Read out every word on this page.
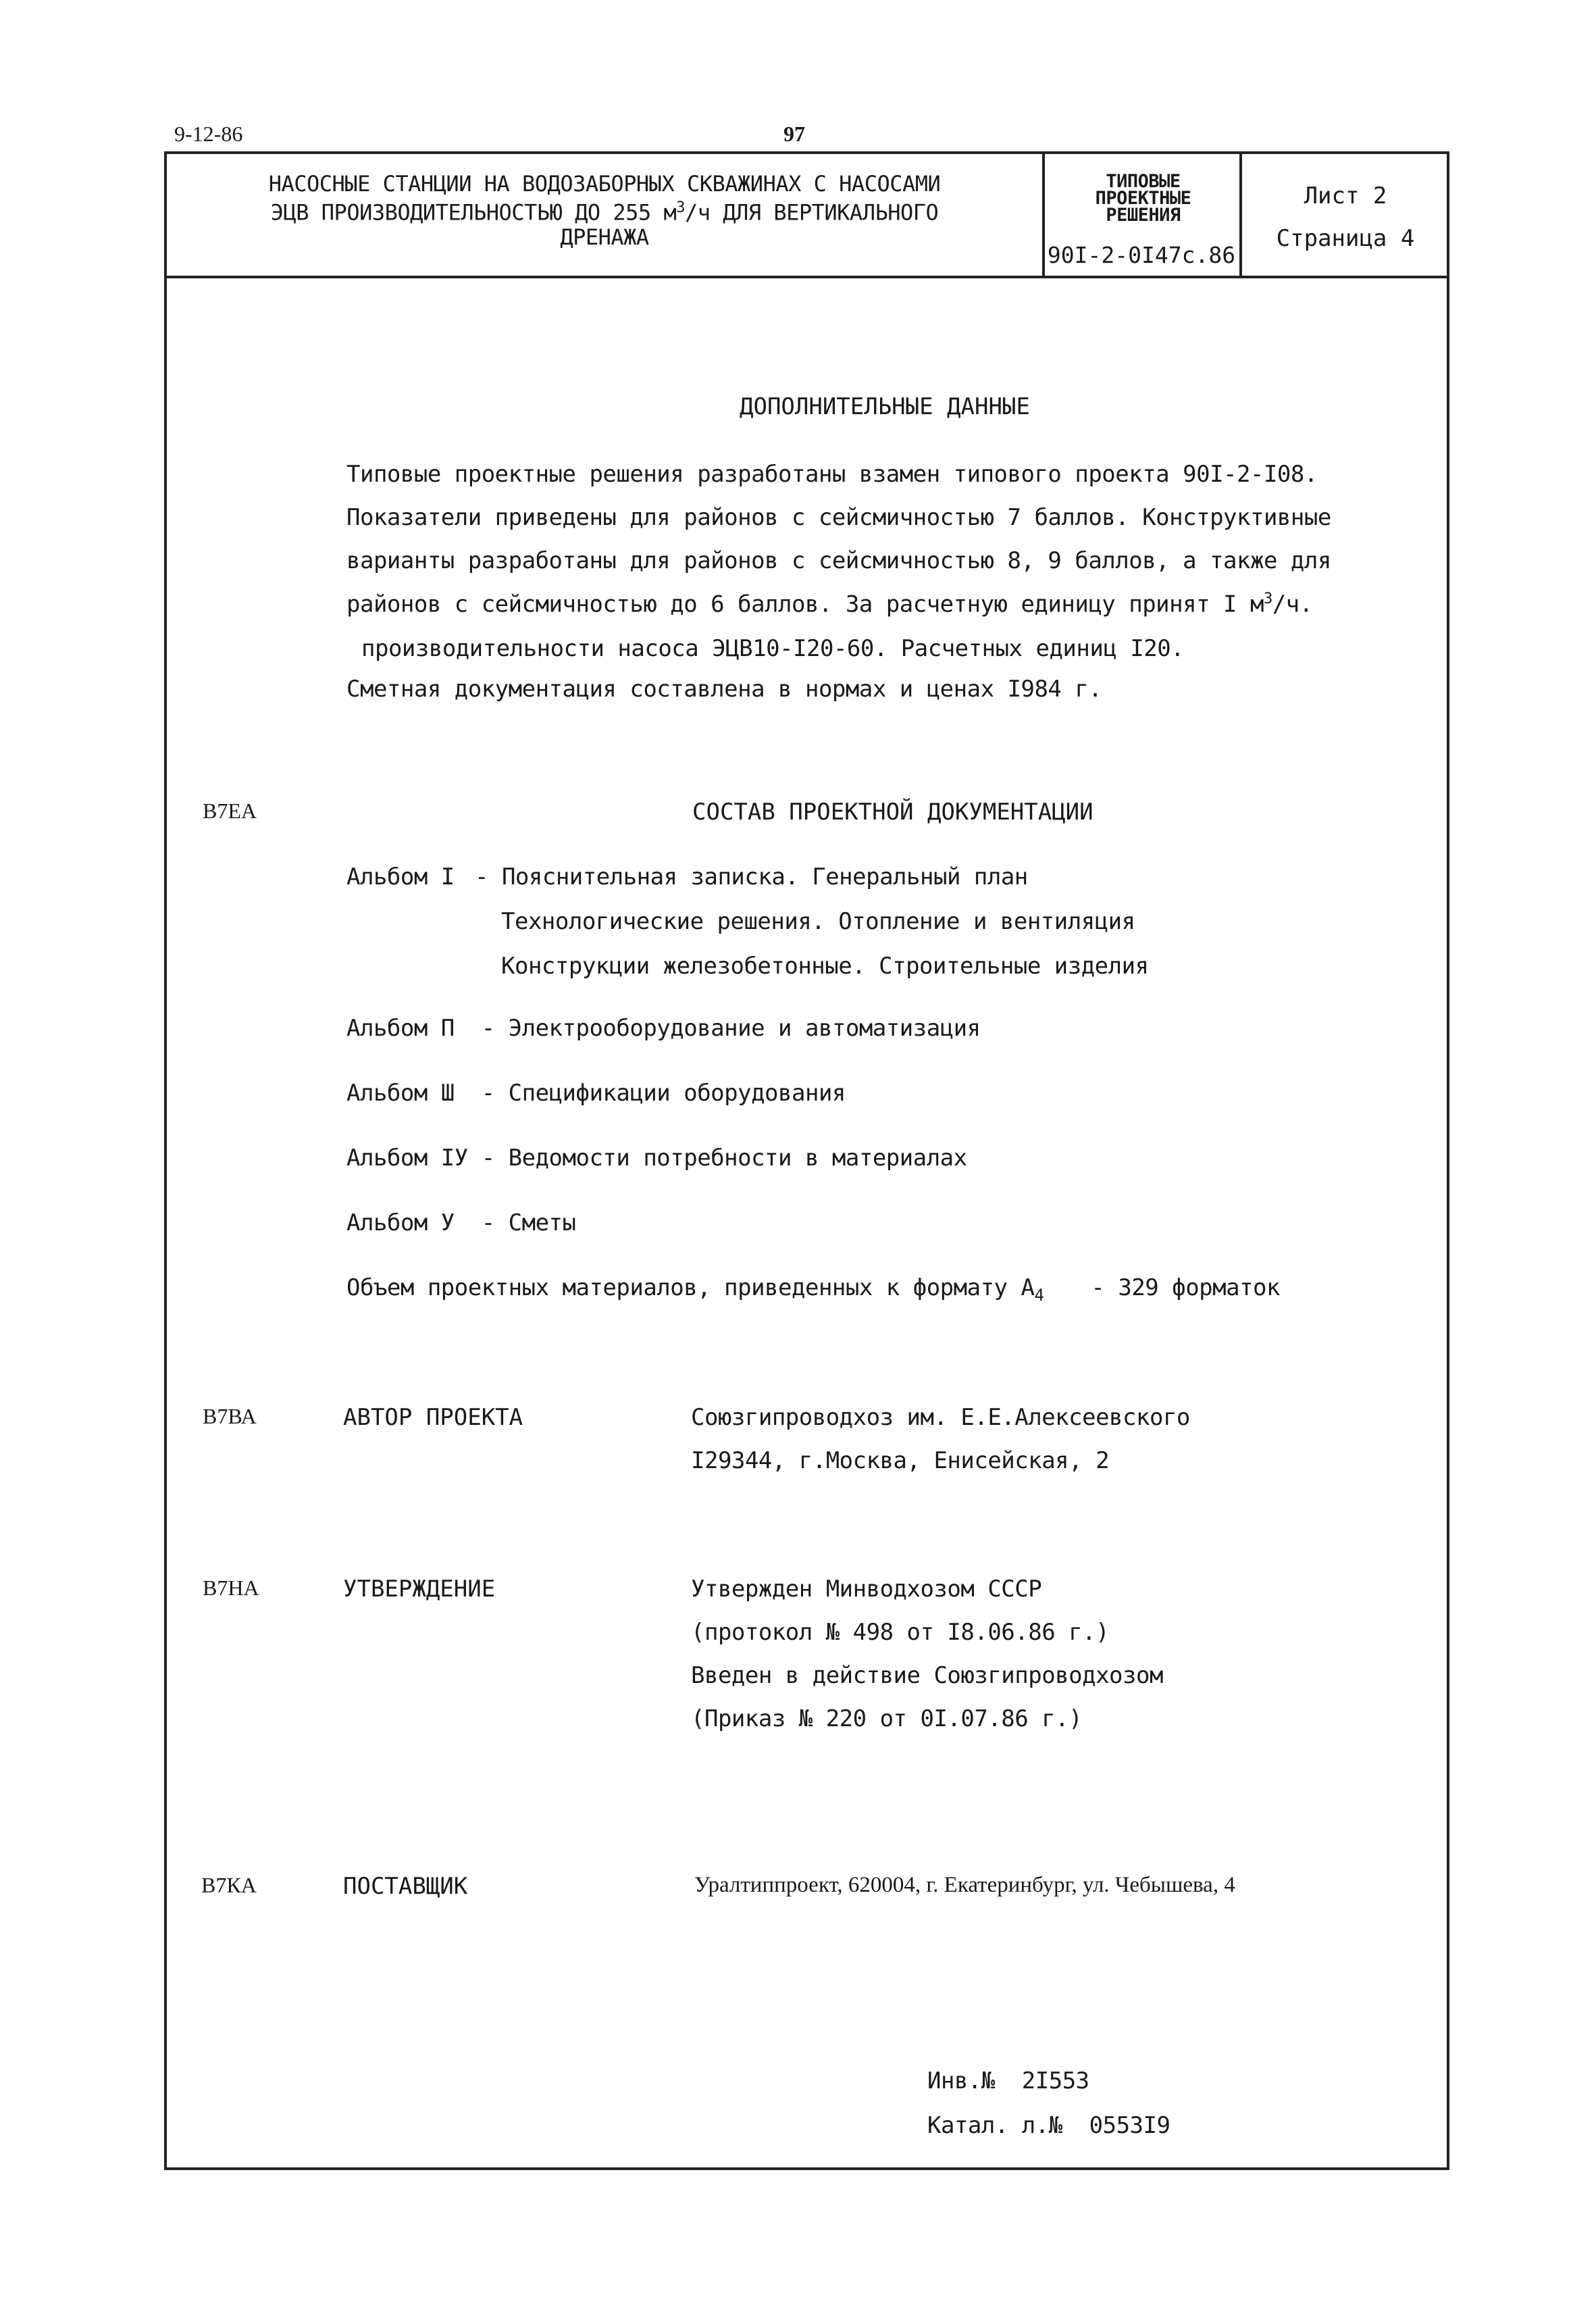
9-12-86	97
НАСОСНЫЕ СТАНЦИИ НА ВОДОЗАБОРНЫХ СКВАЖИНАХ С НАСОСАМИ
ЭЦВ ПРОИЗВОДИТЕЛЬНОСТЬЮ ДО 255 $м^3/ч$ ДЛЯ ВЕРТИКАЛЬНОГО
ДРЕНАЖА
ТИПОВЫЕ
ПРОЕКТНЫЕ
РЕШЕНИЯ
90I-2-0I47с.86
Лист 2
Страница 4
ДОПОЛНИТЕЛЬНЫЕ ДАННЫЕ
Типовые проектные решения разработаны взамен типового проекта 90I-2-I08.
Показатели приведены для районов с сейсмичностью 7 баллов. Конструктивные
варианты разработаны для районов с сейсмичностью 8, 9 баллов, а также для
районов с сейсмичностью до 6 баллов. За расчетную единицу принят I $м^3/ч$.
производительности насоса ЭЦВ10-I20-60. Расчетных единиц I20.
Сметная документация составлена в нормах и ценах I984 г.
В7ЕА	СОСТАВ ПРОЕКТНОЙ ДОКУМЕНТАЦИИ
Альбом I - Пояснительная записка. Генеральный план
Технологические решения. Отопление и вентиляция
Конструкции железобетонные. Строительные изделия
Альбом П  - Электрооборудование и автоматизация
Альбом Ш  - Спецификации оборудования
Альбом IУ - Ведомости потребности в материалах
Альбом У  - Сметы
Объем проектных материалов, приведенных к формату $А_4 - 329$ форматок
В7ВА	АВТОР ПРОЕКТА	Союзгипроводхоз им. Е.Е.Алексеевского
I29344, г.Москва, Енисейская, 2
В7НА	УТВЕРЖДЕНИЕ	Утвержден Минводхозом СССР
(протокол № 498 от I8.06.86 г.)
Введен в действие Союзгипроводхозом
(Приказ № 220 от 0I.07.86 г.)
В7КА	ПОСТАВЩИК	Уралтиппроект, 620004, г. Екатеринбург, ул. Чебышева, 4
Инв.№  2I553
Катал. л.№  0553I9
